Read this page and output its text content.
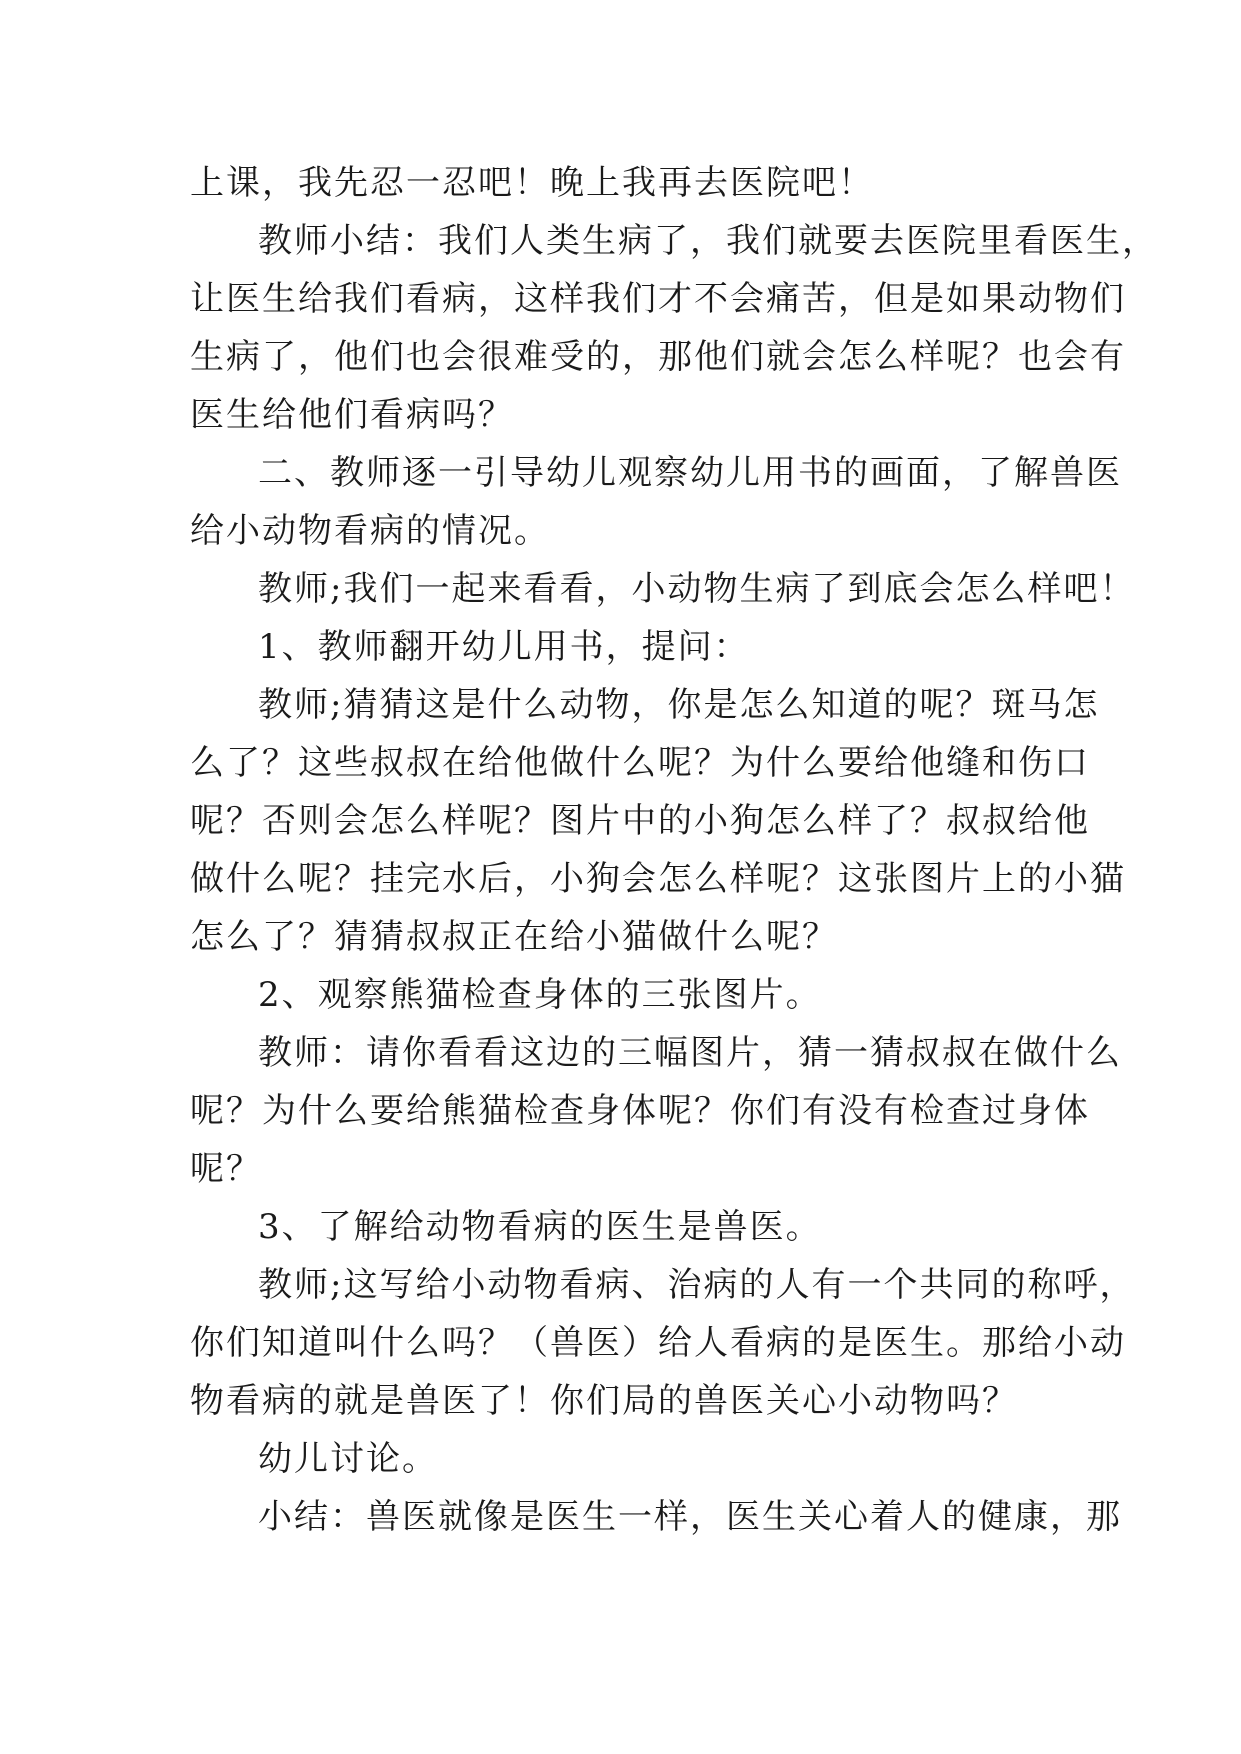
上课，我先忍一忍吧！晚上我再去医院吧！
教师小结：我们人类生病了，我们就要去医院里看医生，
让医生给我们看病，这样我们才不会痛苦，但是如果动物们
生病了，他们也会很难受的，那他们就会怎么样呢？也会有
医生给他们看病吗？
二、教师逐一引导幼儿观察幼儿用书的画面，了解兽医
给小动物看病的情况。
教师;我们一起来看看，小动物生病了到底会怎么样吧！
1、教师翻开幼儿用书，提问：
教师;猜猜这是什么动物，你是怎么知道的呢？斑马怎
么了？这些叔叔在给他做什么呢？为什么要给他缝和伤口
呢？否则会怎么样呢？图片中的小狗怎么样了？叔叔给他
做什么呢？挂完水后，小狗会怎么样呢？这张图片上的小猫
怎么了？猜猜叔叔正在给小猫做什么呢？
2、观察熊猫检查身体的三张图片。
教师：请你看看这边的三幅图片，猜一猜叔叔在做什么
呢？为什么要给熊猫检查身体呢？你们有没有检查过身体
呢？
3、了解给动物看病的医生是兽医。
教师;这写给小动物看病、治病的人有一个共同的称呼，
你们知道叫什么吗？（兽医）给人看病的是医生。那给小动
物看病的就是兽医了！你们局的兽医关心小动物吗？
幼儿讨论。
小结：兽医就像是医生一样，医生关心着人的健康，那
